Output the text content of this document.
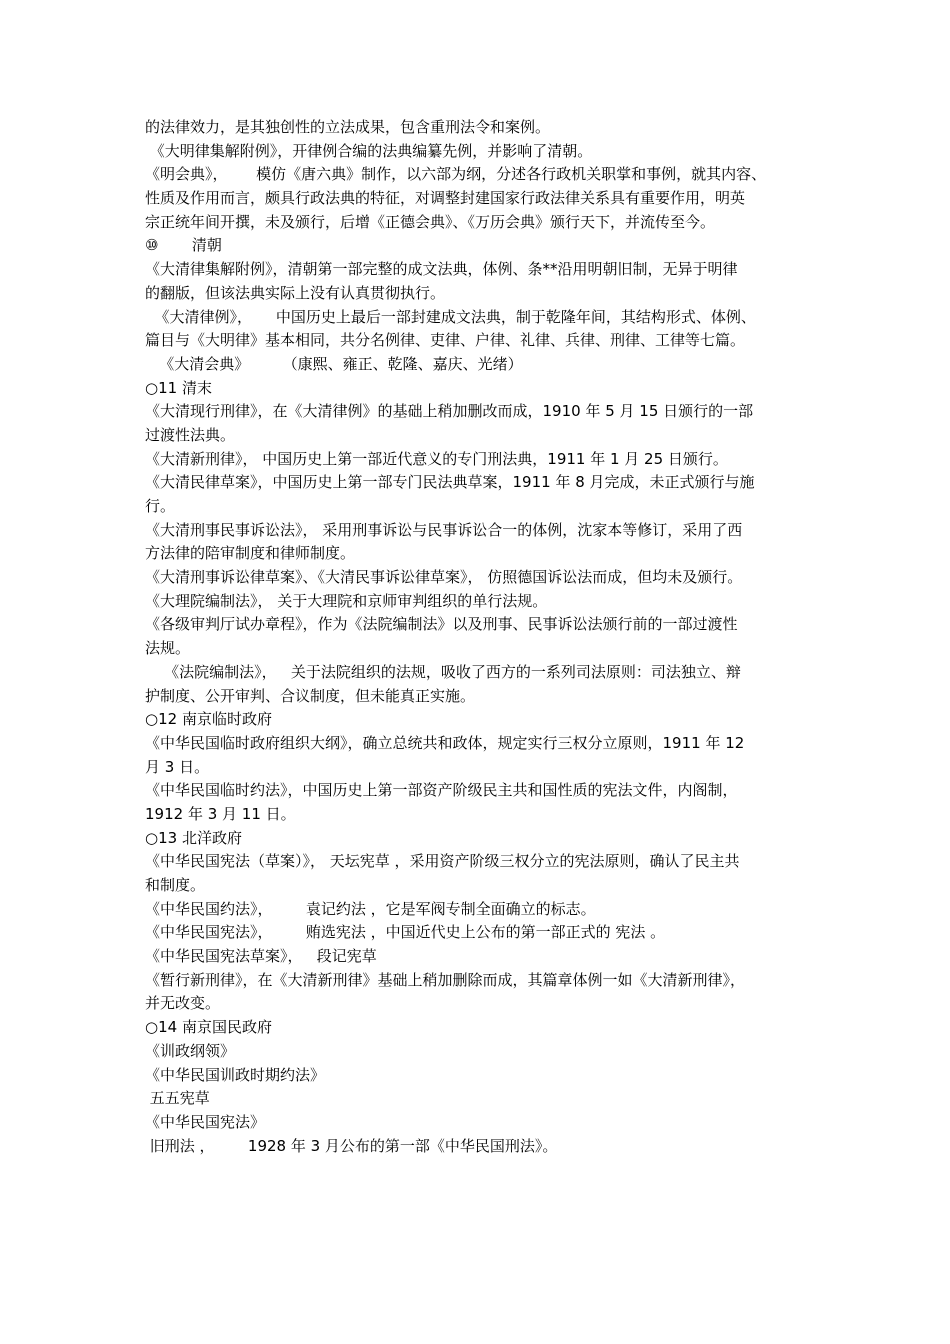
的法律效力，是其独创性的立法成果，包含重刑法令和案例。
《大明律集解附例》，开律例合编的法典编纂先例，并影响了清朝。
《明会典》，      模仿《唐六典》制作，以六部为纲，分述各行政机关职掌和事例，就其内容、
性质及作用而言，颇具行政法典的特征，对调整封建国家行政法律关系具有重要作用，明英
宗正统年间开撰，未及颁行，后增《正德会典》、《万历会典》颁行天下，并流传至今。
⑩       清朝
《大清律集解附例》，清朝第一部完整的成文法典，体例、条**沿用明朝旧制，无异于明律
的翻版，但该法典实际上没有认真贯彻执行。
《大清律例》，     中国历史上最后一部封建成文法典，制于乾隆年间，其结构形式、体例、
篇目与《大明律》基本相同，共分名例律、吏律、户律、礼律、兵律、刑律、工律等七篇。
《大清会典》       （康熙、雍正、乾隆、嘉庆、光绪）
○11 清末
《大清现行刑律》，在《大清律例》的基础上稍加删改而成，1910 年 5 月 15 日颁行的一部
过渡性法典。
《大清新刑律》， 中国历史上第一部近代意义的专门刑法典，1911 年 1 月 25 日颁行。
《大清民律草案》，中国历史上第一部专门民法典草案，1911 年 8 月完成，未正式颁行与施
行。
《大清刑事民事诉讼法》， 采用刑事诉讼与民事诉讼合一的体例，沈家本等修订，采用了西
方法律的陪审制度和律师制度。
《大清刑事诉讼律草案》、《大清民事诉讼律草案》， 仿照德国诉讼法而成，但均未及颁行。
《大理院编制法》， 关于大理院和京师审判组织的单行法规。
《各级审判厅试办章程》，作为《法院编制法》以及刑事、民事诉讼法颁行前的一部过渡性
法规。
《法院编制法》，   关于法院组织的法规，吸收了西方的一系列司法原则：司法独立、辩
护制度、公开审判、合议制度，但未能真正实施。
○12 南京临时政府
《中华民国临时政府组织大纲》，确立总统共和政体，规定实行三权分立原则，1911 年 12
月 3 日。
《中华民国临时约法》，中国历史上第一部资产阶级民主共和国性质的宪法文件，内阁制，
1912 年 3 月 11 日。
○13 北洋政府
《中华民国宪法（草案）》， 天坛宪草 ，采用资产阶级三权分立的宪法原则，确认了民主共
和制度。
《中华民国约法》，       袁记约法 ，它是军阀专制全面确立的标志。
《中华民国宪法》，       贿选宪法 ，中国近代史上公布的第一部正式的 宪法 。
《中华民国宪法草案》，   段记宪草
《暂行新刑律》，在《大清新刑律》基础上稍加删除而成，其篇章体例一如《大清新刑律》，
并无改变。
○14 南京国民政府
《训政纲领》
《中华民国训政时期约法》
五五宪草
《中华民国宪法》
旧刑法 ，       1928 年 3 月公布的第一部《中华民国刑法》。
